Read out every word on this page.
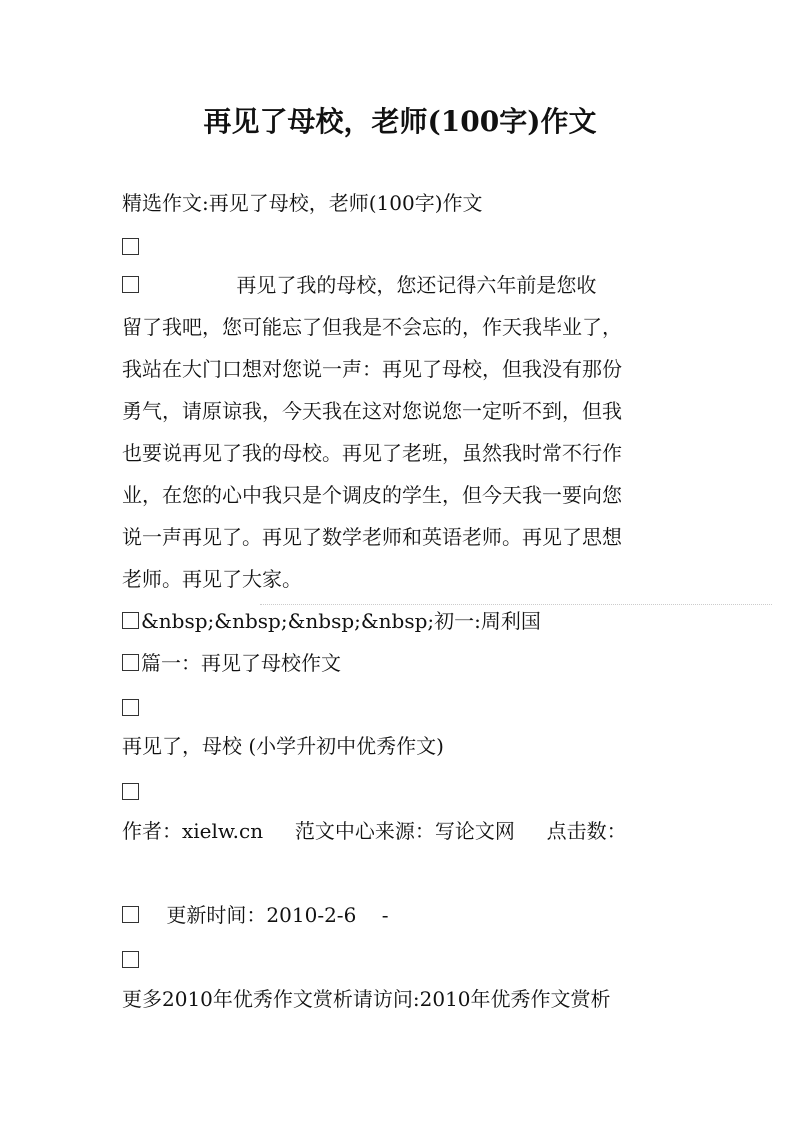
再见了母校，老师(100字)作文
精选作文:再见了母校，老师(100字)作文
再见了我的母校，您还记得六年前是您收
留了我吧，您可能忘了但我是不会忘的，作天我毕业了，
我站在大门口想对您说一声：再见了母校，但我没有那份
勇气，请原谅我，今天我在这对您说您一定听不到，但我
也要说再见了我的母校。再见了老班，虽然我时常不行作
业，在您的心中我只是个调皮的学生，但今天我一要向您
说一声再见了。再见了数学老师和英语老师。再见了思想
老师。再见了大家。
&nbsp;&nbsp;&nbsp;&nbsp;初一:周利国
篇一：再见了母校作文
再见了，母校 (小学升初中优秀作文)
作者：xielw.cn     范文中心来源：写论文网     点击数：
更新时间：2010-2-6    -
更多2010年优秀作文赏析请访问:2010年优秀作文赏析
